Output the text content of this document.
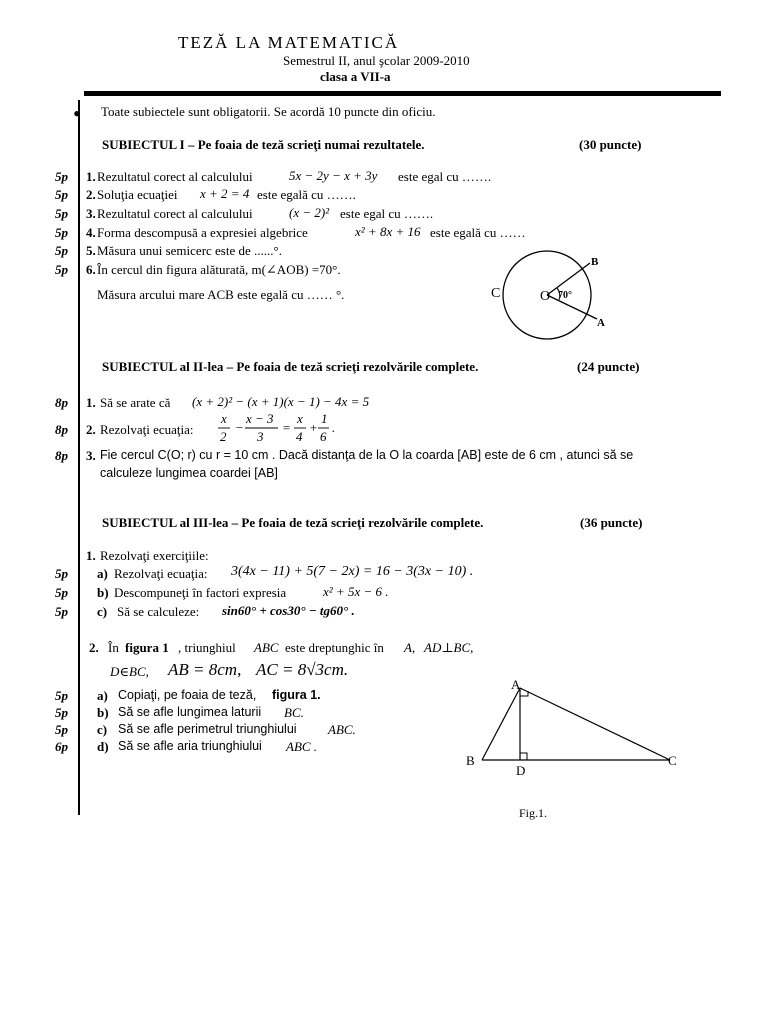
TEZĂ LA MATEMATICĂ
Semestrul II, anul şcolar 2009-2010
clasa a VII-a
• Toate subiectele sunt obligatorii. Se acordă 10 puncte din oficiu.
SUBIECTUL I – Pe foaia de teză scrieţi numai rezultatele.	(30 puncte)
5p 1. Rezultatul corect al calculului	5x − 2y − x + 3y este egal cu …….
5p 2. Soluţia ecuaţiei x + 2 = 4 este egală cu …….
5p 3. Rezultatul corect al calculului	(x − 2)² este egal cu …….
5p 4. Forma descompusă a expresiei algebrice	x² + 8x + 16 este egală cu ……
5p 5. Măsura unui semicerc este de ......°.
5p 6. În cercul din figura alăturată, m(∠AOB) =70°.
Măsura arcului mare ACB este egală cu …… °.	O
C
B
A
70°
SUBIECTUL al II-lea – Pe foaia de teză scrieţi rezolvările complete.	(24 puncte)
8p 1. Să se arate că (x + 2)² − (x + 1)(x − 1) − 4x = 5
8p 2. Rezolvaţi ecuaţia:
x
2
−
x − 3
3
=
x
4
+
1
6
.
8p 3. Fie cercul C(O; r) cu r = 10 cm . Dacă distanţa de la O la coarda [AB] este de 6 cm , atunci să se
calculeze lungimea coardei [AB]
SUBIECTUL al III-lea – Pe foaia de teză scrieţi rezolvările complete.	(36 puncte)
1. Rezolvaţi exerciţiile:
5p a) Rezolvaţi ecuaţia: 3(4x − 11) + 5(7 − 2x) = 16 − 3(3x − 10) .
5p b) Descompuneţi în factori expresia	x² + 5x − 6 .
5p c) Să se calculeze: sin60° + cos30° − tg60° .
2. În figura 1 , triunghiul ABC este dreptunghic în A, AD⊥BC,
D∈BC, AB = 8cm, AC = 8√3cm.
5p a) Copiaţi, pe foaia de teză, figura 1.
5p b) Să se afle lungimea laturii BC.
5p c) Să se afle perimetrul triunghiului ABC.
6p d) Să se afle aria triunghiului ABC .
A
B	C
D
Fig.1.
